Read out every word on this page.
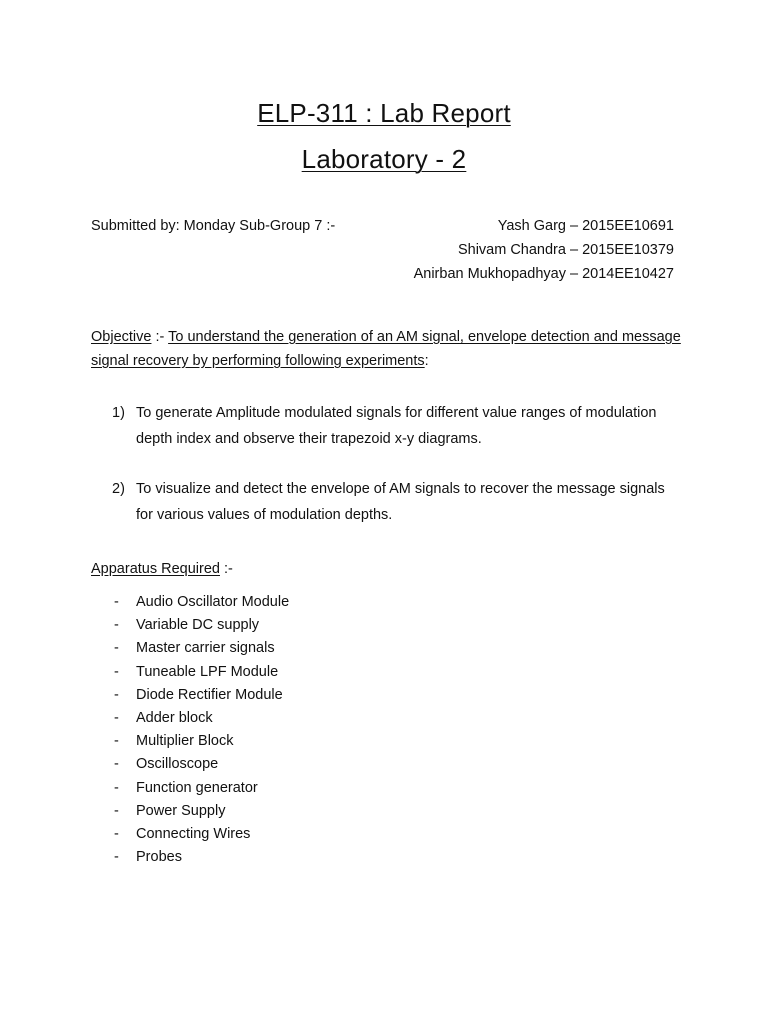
ELP-311 : Lab Report
Laboratory - 2
Submitted by: Monday Sub-Group 7 :-	Yash Garg – 2015EE10691
Shivam Chandra – 2015EE10379
Anirban Mukhopadhyay – 2014EE10427
Objective :- To understand the generation of an AM signal, envelope detection and message signal recovery by performing following experiments:
1) To generate Amplitude modulated signals for different value ranges of modulation depth index and observe their trapezoid x-y diagrams.
2) To visualize and detect the envelope of AM signals to recover the message signals for various values of modulation depths.
Apparatus Required :-
- Audio Oscillator Module
- Variable DC supply
- Master carrier signals
- Tuneable LPF Module
- Diode Rectifier Module
- Adder block
- Multiplier Block
- Oscilloscope
- Function generator
- Power Supply
- Connecting Wires
- Probes
